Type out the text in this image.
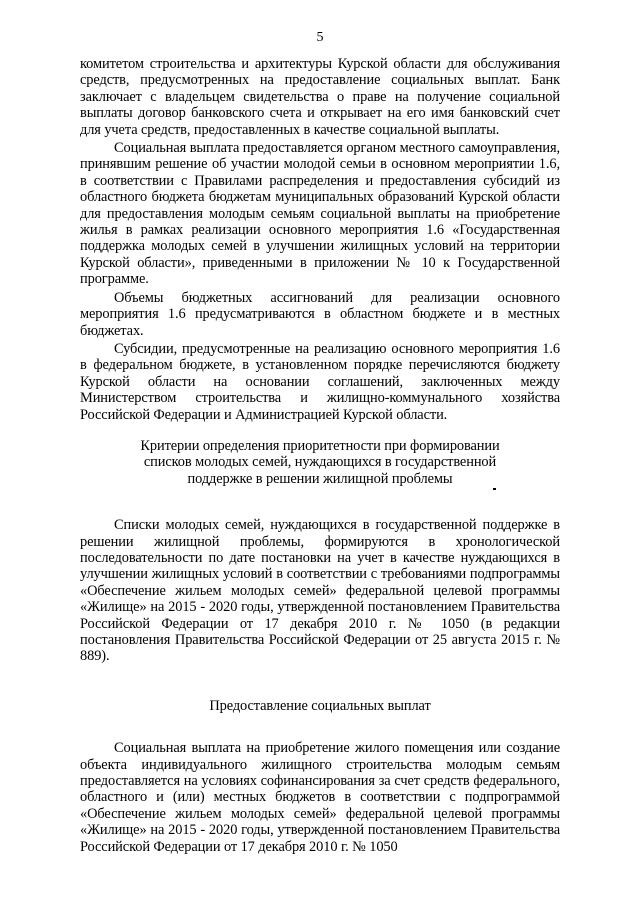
5

комитетом строительства и архитектуры Курской области для обслуживания средств, предусмотренных на предоставление социальных выплат. Банк заключает с владельцем свидетельства о праве на получение социальной выплаты договор банковского счета и открывает на его имя банковский счет для учета средств, предоставленных в качестве социальной выплаты.

Социальная выплата предоставляется органом местного самоуправления, принявшим решение об участии молодой семьи в основном мероприятии 1.6, в соответствии с Правилами распределения и предоставления субсидий из областного бюджета бюджетам муниципальных образований Курской области для предоставления молодым семьям социальной выплаты на приобретение жилья в рамках реализации основного мероприятия 1.6 «Государственная поддержка молодых семей в улучшении жилищных условий на территории Курской области», приведенными в приложении № 10 к Государственной программе.

Объемы бюджетных ассигнований для реализации основного мероприятия 1.6 предусматриваются в областном бюджете и в местных бюджетах.

Субсидии, предусмотренные на реализацию основного мероприятия 1.6 в федеральном бюджете, в установленном порядке перечисляются бюджету Курской области на основании соглашений, заключенных между Министерством строительства и жилищно-коммунального хозяйства Российской Федерации и Администрацией Курской области.

Критерии определения приоритетности при формировании

списков молодых семей, нуждающихся в государственной

поддержке в решении жилищной проблемы

Списки молодых семей, нуждающихся в государственной поддержке в решении жилищной проблемы, формируются в хронологической последовательности по дате постановки на учет в качестве нуждающихся в улучшении жилищных условий в соответствии с требованиями подпрограммы «Обеспечение жильем молодых семей» федеральной целевой программы «Жилище» на 2015 - 2020 годы, утвержденной постановлением Правительства Российской Федерации от 17 декабря 2010 г. № 1050 (в редакции постановления Правительства Российской Федерации от 25 августа 2015 г. № 889).

Предоставление социальных выплат

Социальная выплата на приобретение жилого помещения или создание объекта индивидуального жилищного строительства молодым семьям предоставляется на условиях софинансирования за счет средств федерального, областного и (или) местных бюджетов в соответствии с подпрограммой «Обеспечение жильем молодых семей» федеральной целевой программы «Жилище» на 2015 - 2020 годы, утвержденной постановлением Правительства Российской Федерации от 17 декабря 2010 г. № 1050
